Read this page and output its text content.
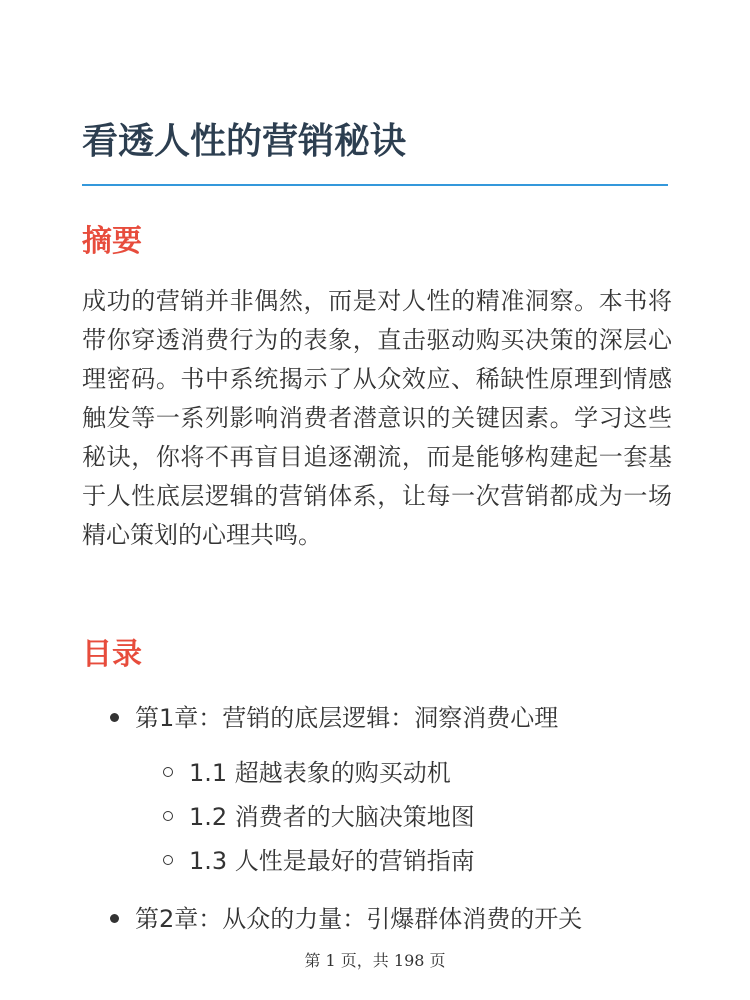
看透人性的营销秘诀
摘要

成功的营销并非偶然，而是对人性的精准洞察。本书将带你穿透消费行为的表象，直击驱动购买决策的深层心理密码。书中系统揭示了从众效应、稀缺性原理到情感触发等一系列影响消费者潜意识的关键因素。学习这些秘诀，你将不再盲目追逐潮流，而是能够构建起一套基于人性底层逻辑的营销体系，让每一次营销都成为一场精心策划的心理共鸣。

目录
第1章：营销的底层逻辑：洞察消费心理
1.1 超越表象的购买动机
1.2 消费者的大脑决策地图
1.3 人性是最好的营销指南
第2章：从众的力量：引爆群体消费的开关
第 1 页，共 198 页
